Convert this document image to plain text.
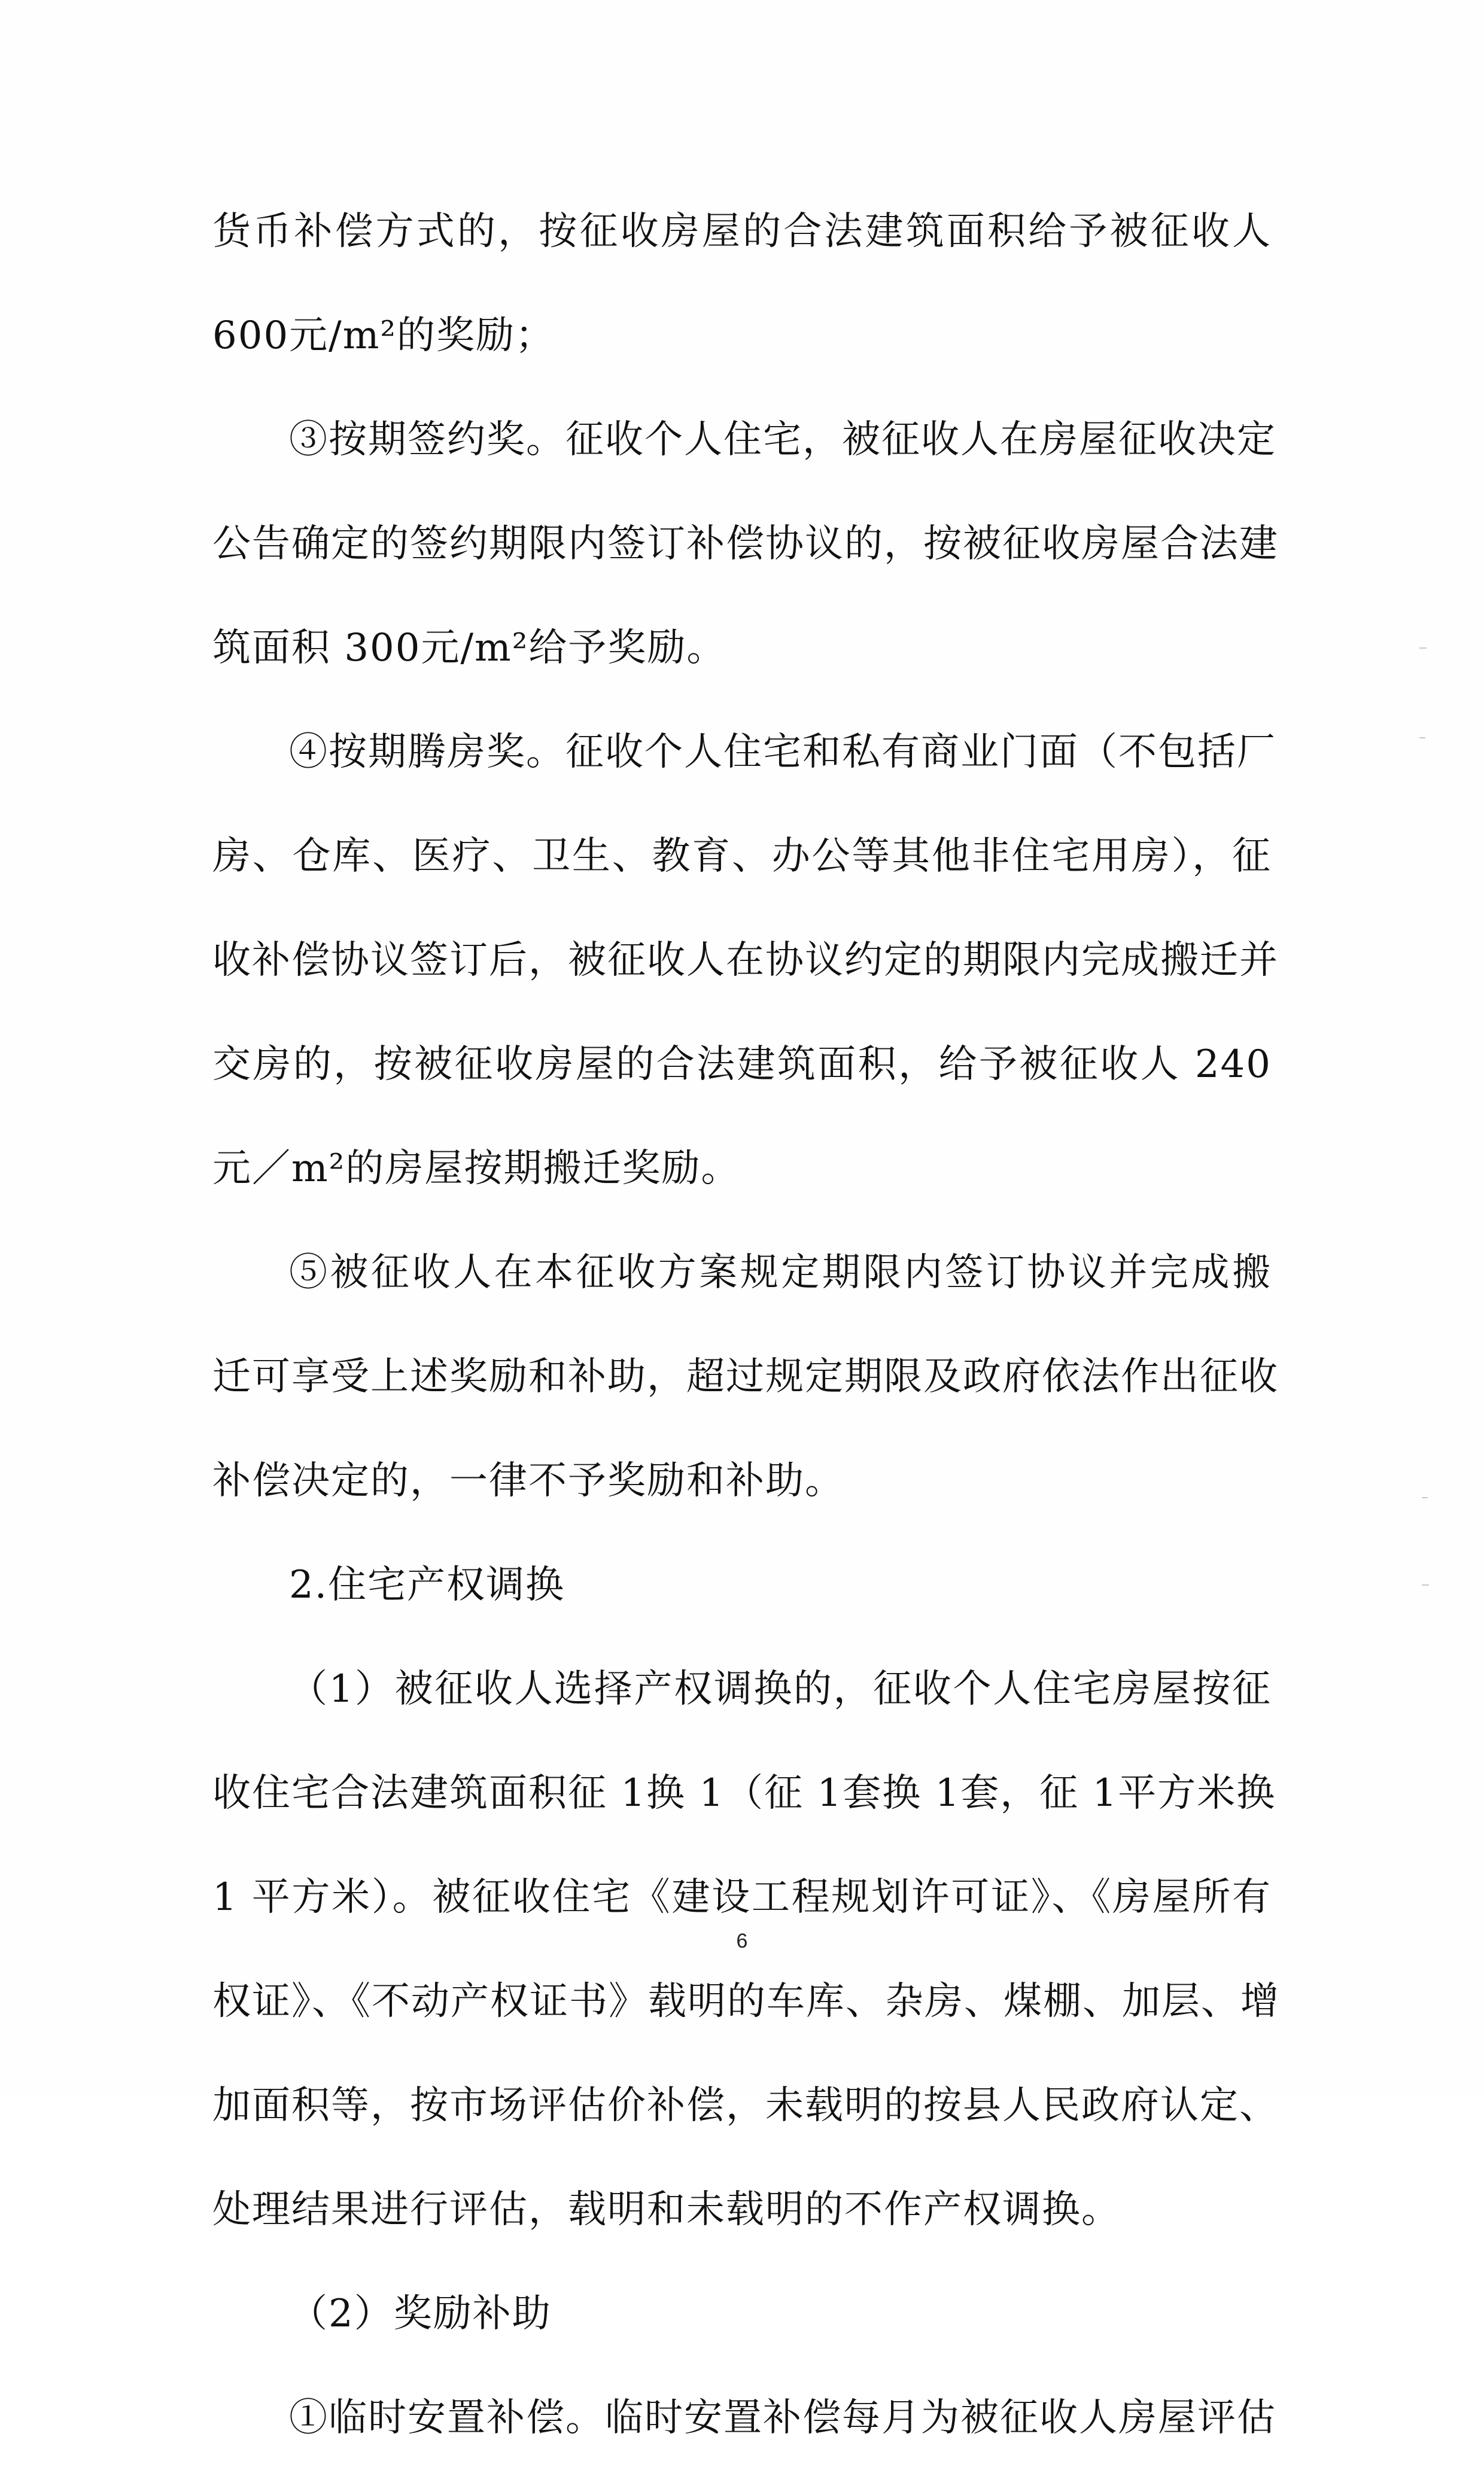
货币补偿方式的，按征收房屋的合法建筑面积给予被征收人
600元/m²的奖励；
③按期签约奖。征收个人住宅，被征收人在房屋征收决定
公告确定的签约期限内签订补偿协议的，按被征收房屋合法建
筑面积 300元/m²给予奖励。
④按期腾房奖。征收个人住宅和私有商业门面（不包括厂
房、仓库、医疗、卫生、教育、办公等其他非住宅用房），征
收补偿协议签订后，被征收人在协议约定的期限内完成搬迁并
交房的，按被征收房屋的合法建筑面积，给予被征收人 240
元／m²的房屋按期搬迁奖励。
⑤被征收人在本征收方案规定期限内签订协议并完成搬
迁可享受上述奖励和补助，超过规定期限及政府依法作出征收
补偿决定的，一律不予奖励和补助。
2.住宅产权调换
（1）被征收人选择产权调换的，征收个人住宅房屋按征
收住宅合法建筑面积征 1换 1（征 1套换 1套，征 1平方米换
1 平方米）。被征收住宅《建设工程规划许可证》、《房屋所有
权证》、《不动产权证书》载明的车库、杂房、煤棚、加层、增
加面积等，按市场评估价补偿，未载明的按县人民政府认定、
处理结果进行评估，载明和未载明的不作产权调换。
（2）奖励补助
①临时安置补偿。临时安置补偿每月为被征收人房屋评估
6
